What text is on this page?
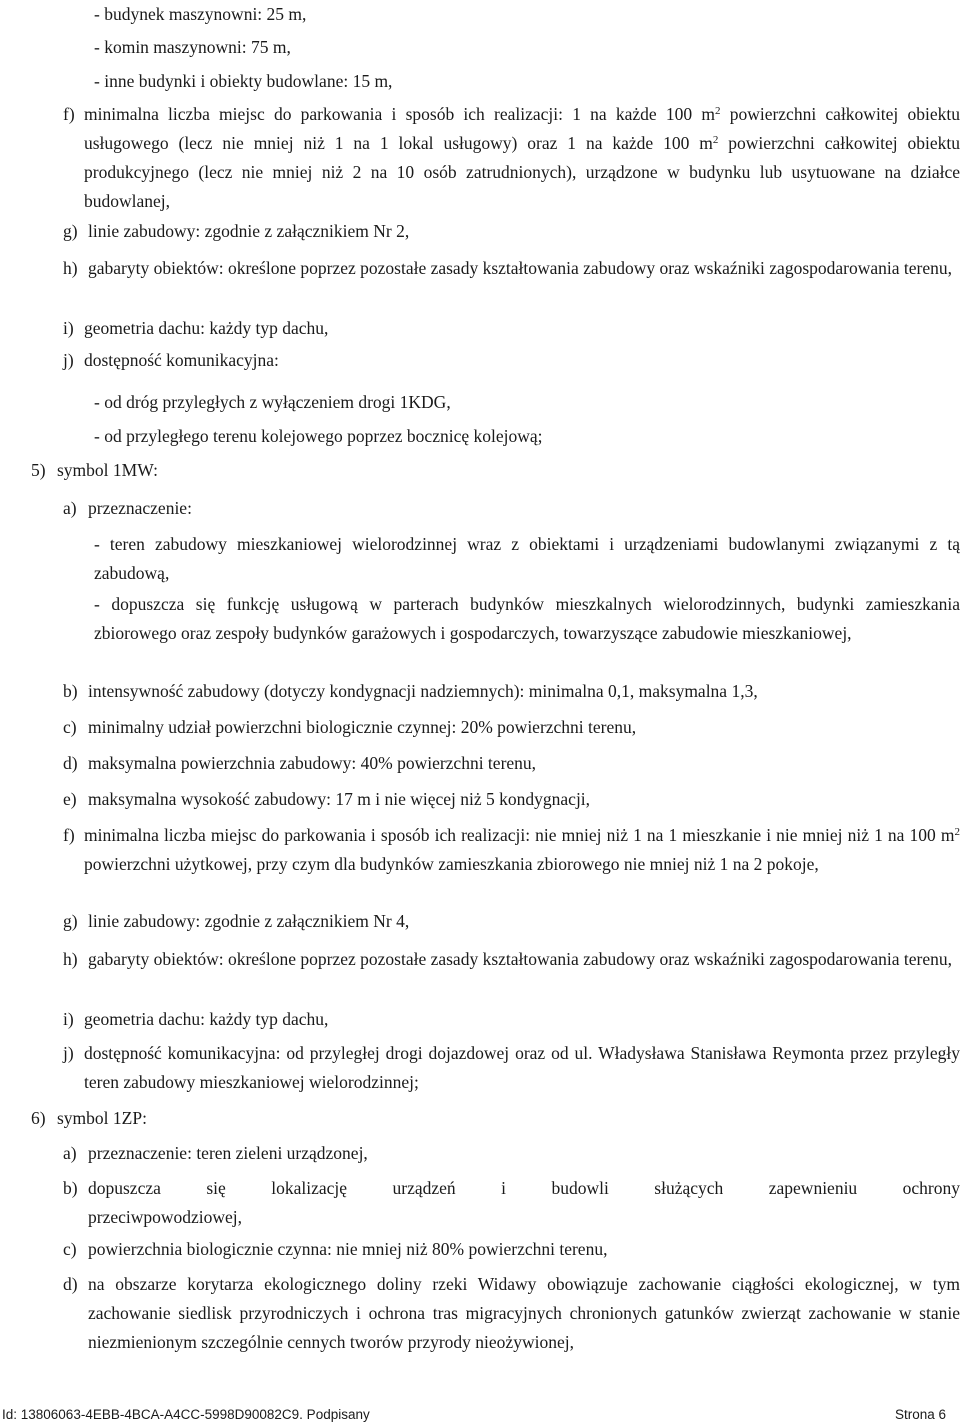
- budynek maszynowni: 25 m,
- komin maszynowni: 75 m,
- inne budynki i obiekty budowlane: 15 m,
f) minimalna liczba miejsc do parkowania i sposób ich realizacji: 1 na każde 100 $m^2$ powierzchni całkowitej obiektu usługowego (lecz nie mniej niż 1 na 1 lokal usługowy) oraz 1 na każde 100 $m^2$ powierzchni całkowitej obiektu produkcyjnego (lecz nie mniej niż 2 na 10 osób zatrudnionych), urządzone w budynku lub usytuowane na działce budowlanej,
g) linie zabudowy: zgodnie z załącznikiem Nr 2,
h) gabaryty obiektów: określone poprzez pozostałe zasady kształtowania zabudowy oraz wskaźniki zagospodarowania terenu,
i) geometria dachu: każdy typ dachu,
j) dostępność komunikacyjna:
- od dróg przyległych z wyłączeniem drogi 1KDG,
- od przyległego terenu kolejowego poprzez bocznicę kolejową;
5) symbol 1MW:
a) przeznaczenie:
- teren zabudowy mieszkaniowej wielorodzinnej wraz z obiektami i urządzeniami budowlanymi związanymi z tą zabudową,
- dopuszcza się funkcję usługową w parterach budynków mieszkalnych wielorodzinnych, budynki zamieszkania zbiorowego oraz zespoły budynków garażowych i gospodarczych, towarzyszące zabudowie mieszkaniowej,
b) intensywność zabudowy (dotyczy kondygnacji nadziemnych): minimalna 0,1, maksymalna 1,3,
c) minimalny udział powierzchni biologicznie czynnej: 20% powierzchni terenu,
d) maksymalna powierzchnia zabudowy: 40% powierzchni terenu,
e) maksymalna wysokość zabudowy: 17 m i nie więcej niż 5 kondygnacji,
f) minimalna liczba miejsc do parkowania i sposób ich realizacji: nie mniej niż 1 na 1 mieszkanie i nie mniej niż 1 na 100 $m^2$ powierzchni użytkowej, przy czym dla budynków zamieszkania zbiorowego nie mniej niż 1 na 2 pokoje,
g) linie zabudowy: zgodnie z załącznikiem Nr 4,
h) gabaryty obiektów: określone poprzez pozostałe zasady kształtowania zabudowy oraz wskaźniki zagospodarowania terenu,
i) geometria dachu: każdy typ dachu,
j) dostępność komunikacyjna: od przyległej drogi dojazdowej oraz od ul. Władysława Stanisława Reymonta przez przyległy teren zabudowy mieszkaniowej wielorodzinnej;
6) symbol 1ZP:
a) przeznaczenie: teren zieleni urządzonej,
b) dopuszcza się lokalizację urządzeń i budowli służących zapewnieniu ochrony przeciwpowodziowej,
c) powierzchnia biologicznie czynna: nie mniej niż 80% powierzchni terenu,
d) na obszarze korytarza ekologicznego doliny rzeki Widawy obowiązuje zachowanie ciągłości ekologicznej, w tym zachowanie siedlisk przyrodniczych i ochrona tras migracyjnych chronionych gatunków zwierząt zachowanie w stanie niezmienionym szczególnie cennych tworów przyrody nieożywionej,
Id: 13806063-4EBB-4BCA-A4CC-5998D90082C9. Podpisany	Strona 6
